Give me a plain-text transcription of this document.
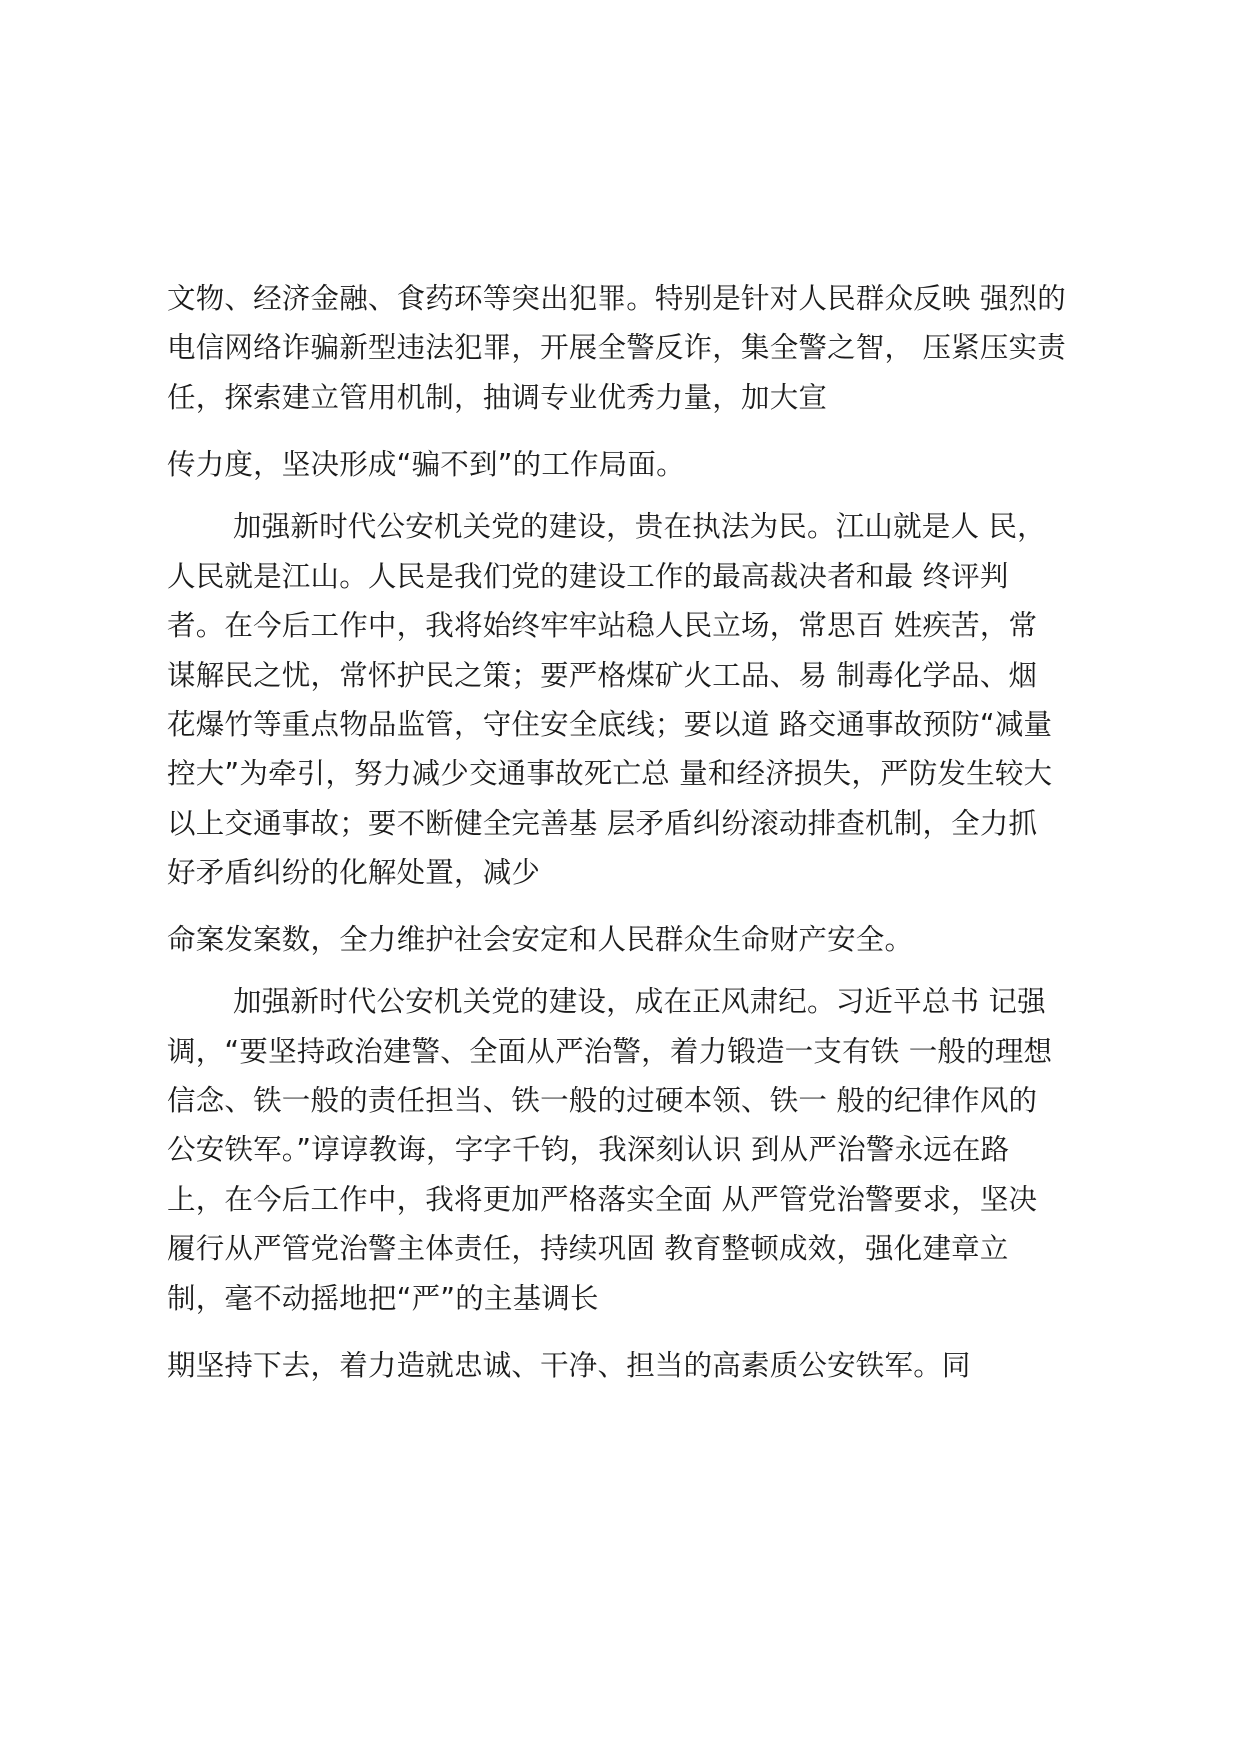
文物、经济金融、食药环等突出犯罪。特别是针对人民群众反映 强烈的

电信网络诈骗新型违法犯罪，开展全警反诈，集全警之智， 压紧压实责

任，探索建立管用机制，抽调专业优秀力量，加大宣

传力度，坚决形成“骗不到”的工作局面。

加强新时代公安机关党的建设，贵在执法为民。江山就是人 民，

人民就是江山。人民是我们党的建设工作的最高裁决者和最 终评判

者。在今后工作中，我将始终牢牢站稳人民立场，常思百 姓疾苦，常

谋解民之忧，常怀护民之策；要严格煤矿火工品、易 制毒化学品、烟

花爆竹等重点物品监管，守住安全底线；要以道 路交通事故预防“减量

控大”为牵引，努力减少交通事故死亡总 量和经济损失，严防发生较大

以上交通事故；要不断健全完善基 层矛盾纠纷滚动排查机制，全力抓

好矛盾纠纷的化解处置，减少

命案发案数，全力维护社会安定和人民群众生命财产安全。

加强新时代公安机关党的建设，成在正风肃纪。习近平总书 记强

调，“要坚持政治建警、全面从严治警，着力锻造一支有铁 一般的理想

信念、铁一般的责任担当、铁一般的过硬本领、铁一 般的纪律作风的

公安铁军。”谆谆教诲，字字千钧，我深刻认识 到从严治警永远在路

上，在今后工作中，我将更加严格落实全面 从严管党治警要求，坚决

履行从严管党治警主体责任，持续巩固 教育整顿成效，强化建章立

制，毫不动摇地把“严”的主基调长

期坚持下去，着力造就忠诚、干净、担当的高素质公安铁军。同
